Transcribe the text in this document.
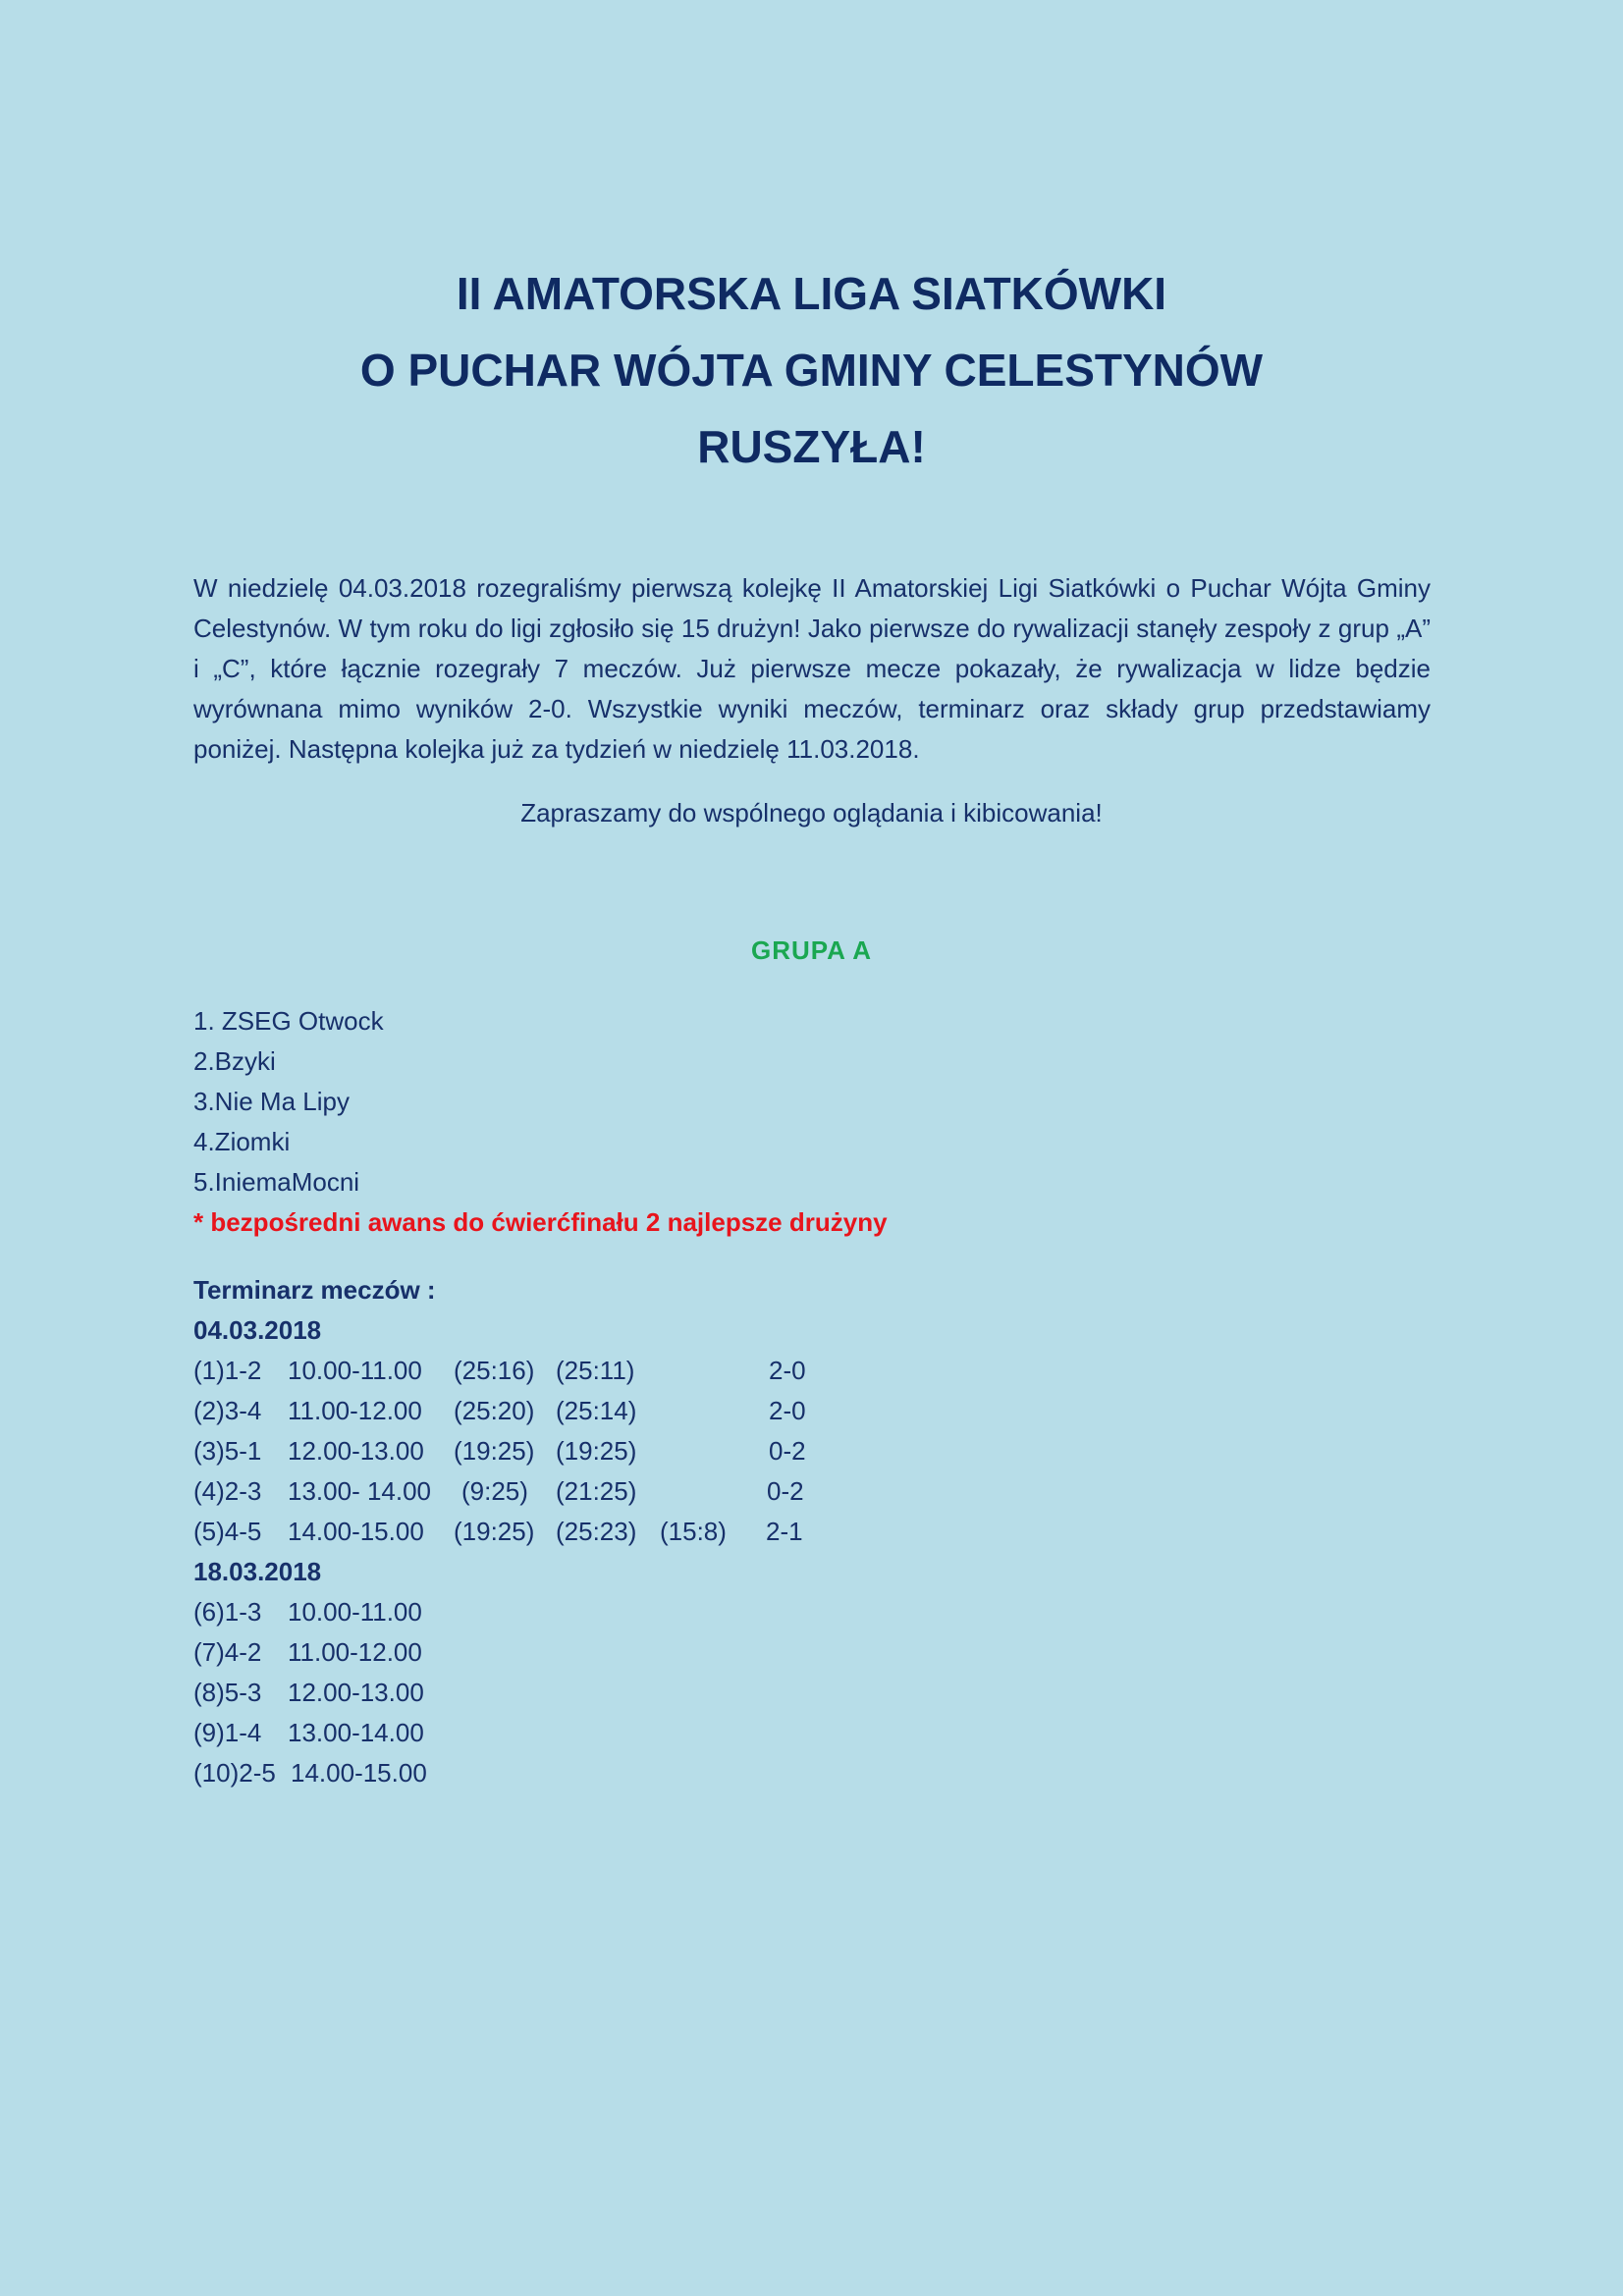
II AMATORSKA LIGA SIATKÓWKI
O PUCHAR WÓJTA GMINY CELESTYNÓW
RUSZYŁA!
W niedzielę 04.03.2018 rozegraliśmy pierwszą kolejkę II Amatorskiej Ligi Siatkówki o Puchar Wójta Gminy Celestynów. W tym roku do ligi zgłosiło się 15 drużyn! Jako pierwsze do rywalizacji stanęły zespoły z grup „A” i „C”, które łącznie rozegrały 7 meczów. Już pierwsze mecze pokazały, że rywalizacja w lidze będzie wyrównana mimo wyników 2-0. Wszystkie wyniki meczów, terminarz oraz składy grup przedstawiamy poniżej. Następna kolejka już za tydzień w niedzielę 11.03.2018.
Zapraszamy do wspólnego oglądania i kibicowania!
GRUPA A
1. ZSEG Otwock
2.Bzyki
3.Nie Ma Lipy
4.Ziomki
5.IniemaMocni
* bezpośredni awans do ćwierćfinału 2 najlepsze drużyny
Terminarz meczów :
04.03.2018
(1)1-2 10.00-11.00 (25:16) (25:11)	2-0
(2)3-4 11.00-12.00 (25:20) (25:14)	2-0
(3)5-1 12.00-13.00 (19:25) (19:25)	0-2
(4)2-3 13.00- 14.00 (9:25) (21:25)	0-2
(5)4-5 14.00-15.00 (19:25) (25:23) (15:8) 2-1
18.03.2018
(6)1-3 10.00-11.00
(7)4-2 11.00-12.00
(8)5-3 12.00-13.00
(9)1-4 13.00-14.00
(10)2-5 14.00-15.00
